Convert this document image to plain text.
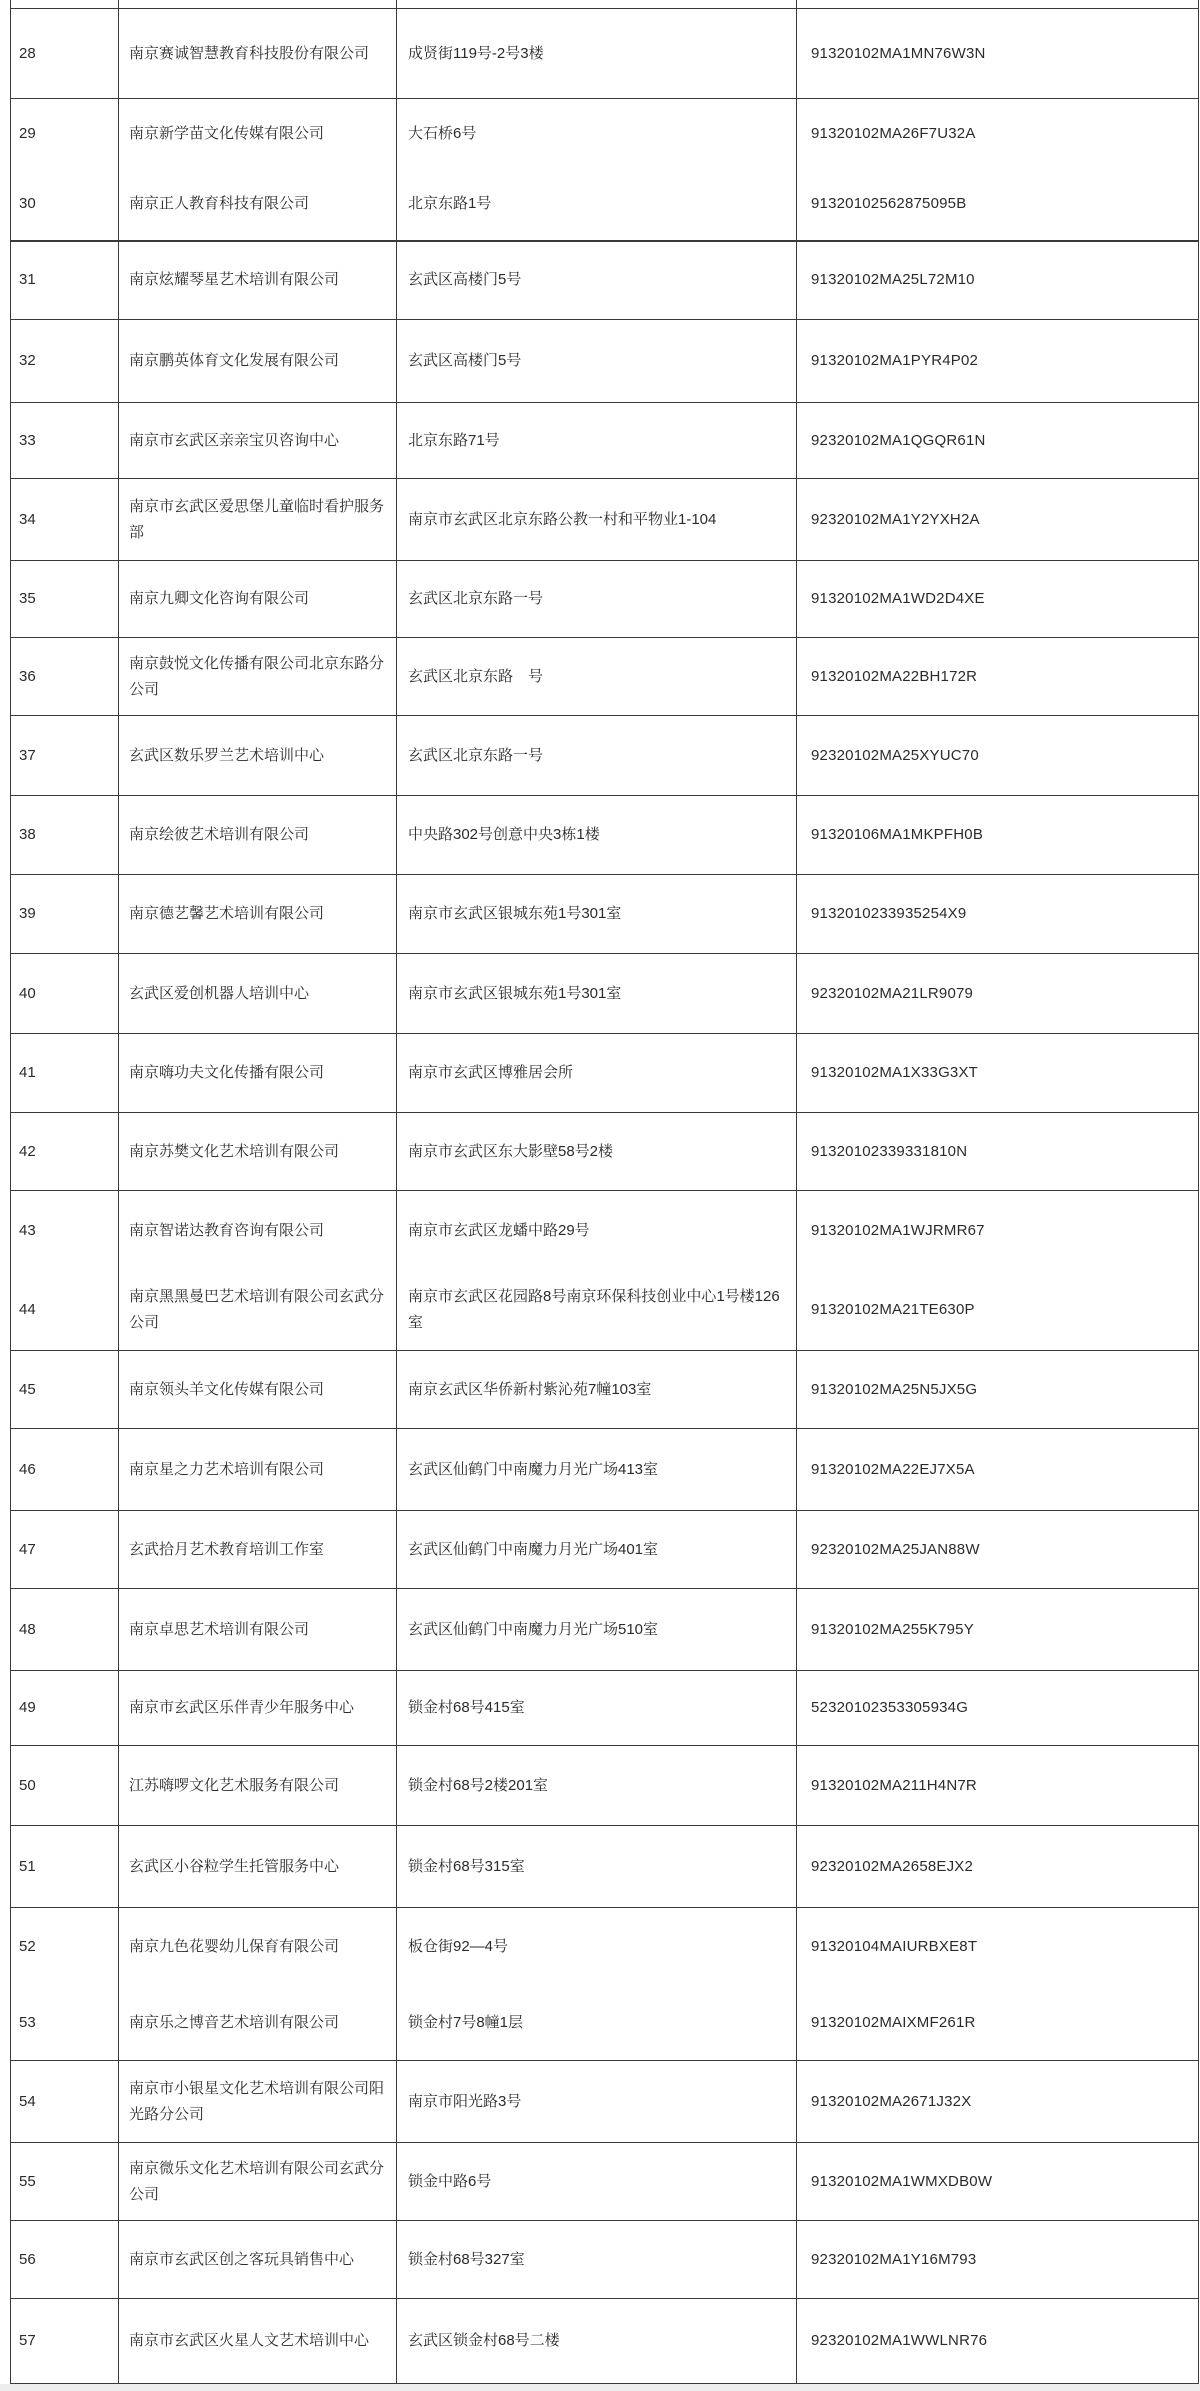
28	南京赛诚智慧教育科技股份有限公司	成贤街119号-2号3楼	91320102MA1MN76W3N
29	南京新学苗文化传媒有限公司	大石桥6号	91320102MA26F7U32A
30	南京正人教育科技有限公司	北京东路1号	91320102562875095B
31	南京炫耀琴星艺术培训有限公司	玄武区高楼门5号	91320102MA25L72M10
32	南京鹏英体育文化发展有限公司	玄武区高楼门5号	91320102MA1PYR4P02
33	南京市玄武区亲亲宝贝咨询中心	北京东路71号	92320102MA1QGQR61N
34	南京市玄武区爱思堡儿童临时看护服务部	南京市玄武区北京东路公教一村和平物业1-104	92320102MA1Y2YXH2A
35	南京九卿文化咨询有限公司	玄武区北京东路一号	91320102MA1WD2D4XE
36	南京鼓悦文化传播有限公司北京东路分公司	玄武区北京东路　号	91320102MA22BH172R
37	玄武区数乐罗兰艺术培训中心	玄武区北京东路一号	92320102MA25XYUC70
38	南京绘彼艺术培训有限公司	中央路302号创意中央3栋1楼	91320106MA1MKPFH0B
39	南京德艺馨艺术培训有限公司	南京市玄武区银城东苑1号301室	9132010233935254X9
40	玄武区爱创机器人培训中心	南京市玄武区银城东苑1号301室	92320102MA21LR9079
41	南京嗨功夫文化传播有限公司	南京市玄武区博雅居会所	91320102MA1X33G3XT
42	南京苏樊文化艺术培训有限公司	南京市玄武区东大影壁58号2楼	91320102339331810N
43	南京智诺达教育咨询有限公司	南京市玄武区龙蟠中路29号	91320102MA1WJRMR67
44	南京黑黑曼巴艺术培训有限公司玄武分公司	南京市玄武区花园路8号南京环保科技创业中心1号楼126室	91320102MA21TE630P
45	南京领头羊文化传媒有限公司	南京玄武区华侨新村紫沁苑7幢103室	91320102MA25N5JX5G
46	南京星之力艺术培训有限公司	玄武区仙鹤门中南魔力月光广场413室	91320102MA22EJ7X5A
47	玄武拾月艺术教育培训工作室	玄武区仙鹤门中南魔力月光广场401室	92320102MA25JAN88W
48	南京卓思艺术培训有限公司	玄武区仙鹤门中南魔力月光广场510室	91320102MA255K795Y
49	南京市玄武区乐伴青少年服务中心	锁金村68号415室	52320102353305934G
50	江苏嗨啰文化艺术服务有限公司	锁金村68号2楼201室	91320102MA211H4N7R
51	玄武区小谷粒学生托管服务中心	锁金村68号315室	92320102MA2658EJX2
52	南京九色花婴幼儿保育有限公司	板仓街92—4号	91320104MAIURBXE8T
53	南京乐之博音艺术培训有限公司	锁金村7号8幢1层	91320102MAIXMF261R
54	南京市小银星文化艺术培训有限公司阳光路分公司	南京市阳光路3号	91320102MA2671J32X
55	南京微乐文化艺术培训有限公司玄武分公司	锁金中路6号	91320102MA1WMXDB0W
56	南京市玄武区创之客玩具销售中心	锁金村68号327室	92320102MA1Y16M793
57	南京市玄武区火星人文艺术培训中心	玄武区锁金村68号二楼	92320102MA1WWLNR76
